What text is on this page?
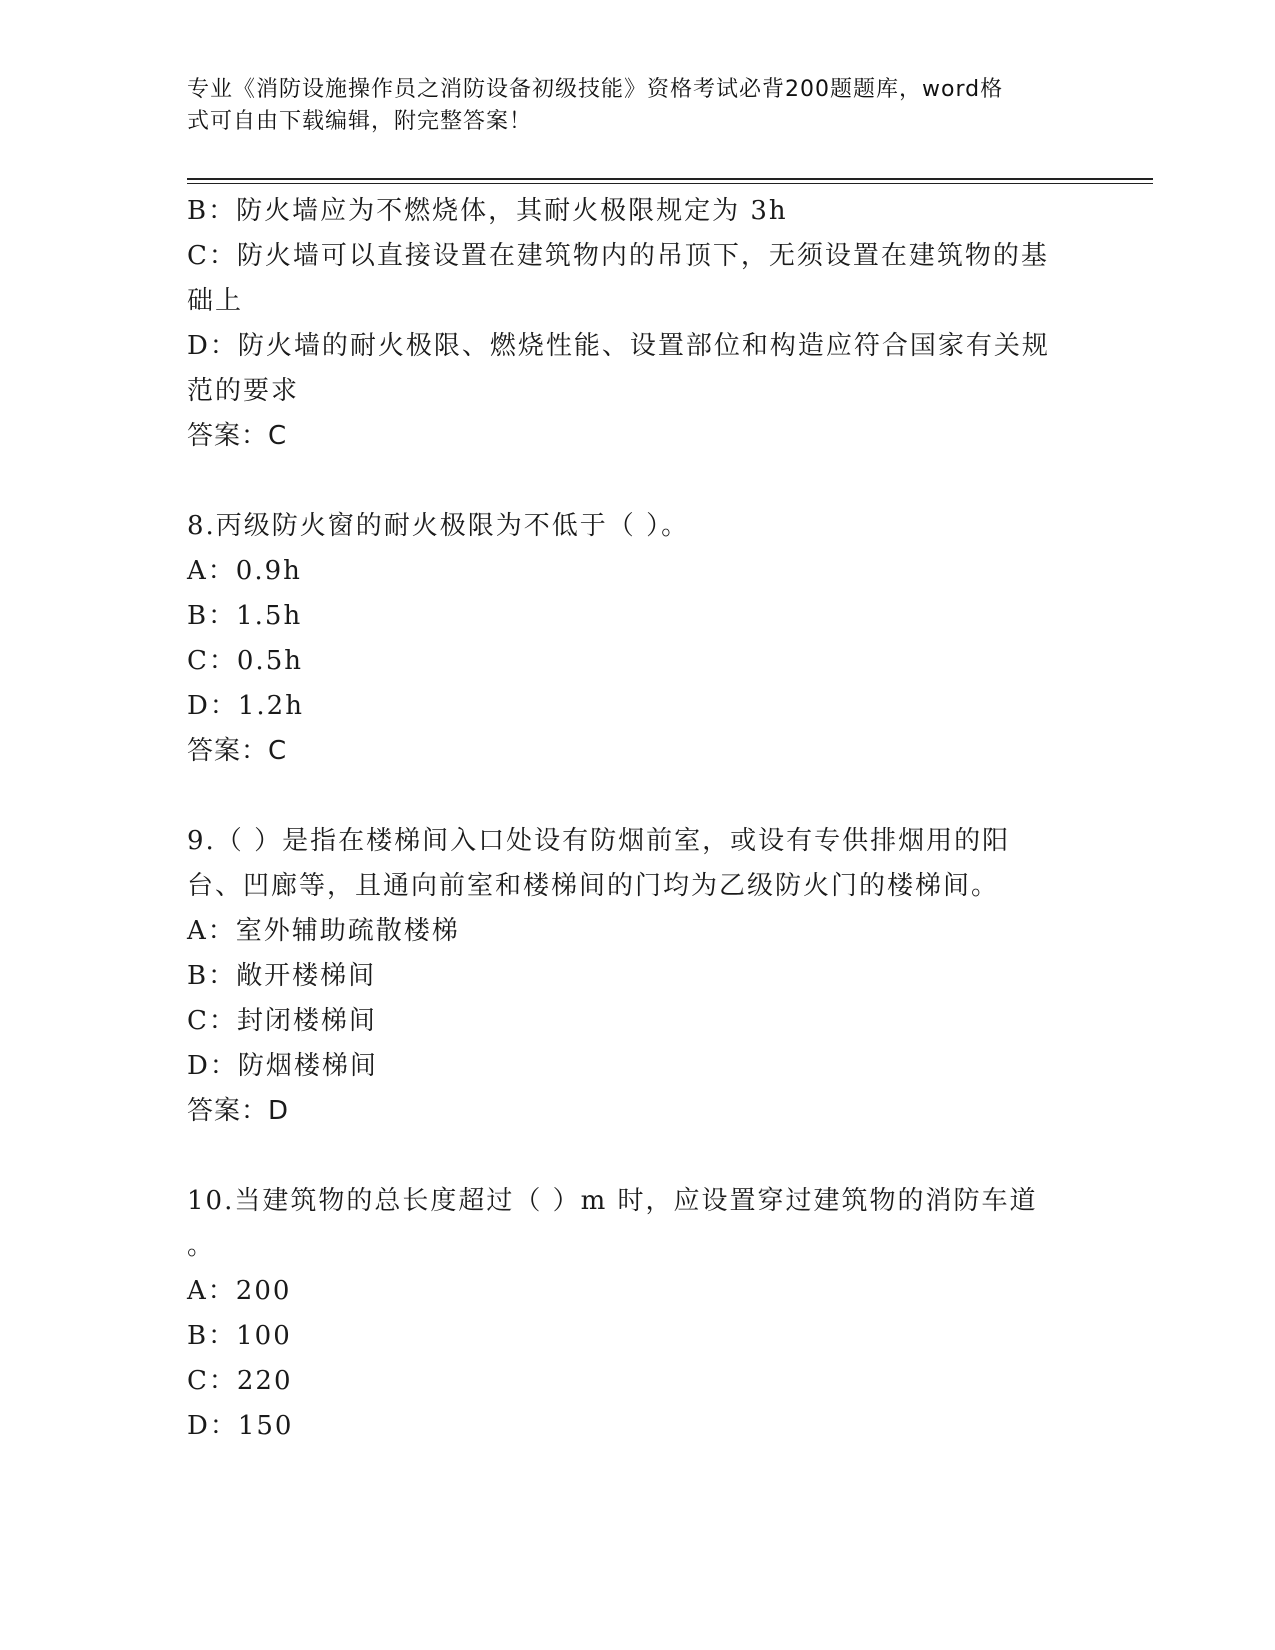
专业《消防设施操作员之消防设备初级技能》资格考试必背200题题库，word格
式可自由下载编辑，附完整答案！
B：防火墙应为不燃烧体，其耐火极限规定为 3h
C：防火墙可以直接设置在建筑物内的吊顶下，无须设置在建筑物的基
础上
D：防火墙的耐火极限、燃烧性能、设置部位和构造应符合国家有关规
范的要求
答案：C
8.丙级防火窗的耐火极限为不低于（ ）。
A：0.9h
B：1.5h
C：0.5h
D：1.2h
答案：C
9.（ ）是指在楼梯间入口处设有防烟前室，或设有专供排烟用的阳
台、凹廊等，且通向前室和楼梯间的门均为乙级防火门的楼梯间。
A：室外辅助疏散楼梯
B：敞开楼梯间
C：封闭楼梯间
D：防烟楼梯间
答案：D
10.当建筑物的总长度超过（ ）m 时，应设置穿过建筑物的消防车道
。
A：200
B：100
C：220
D：150
